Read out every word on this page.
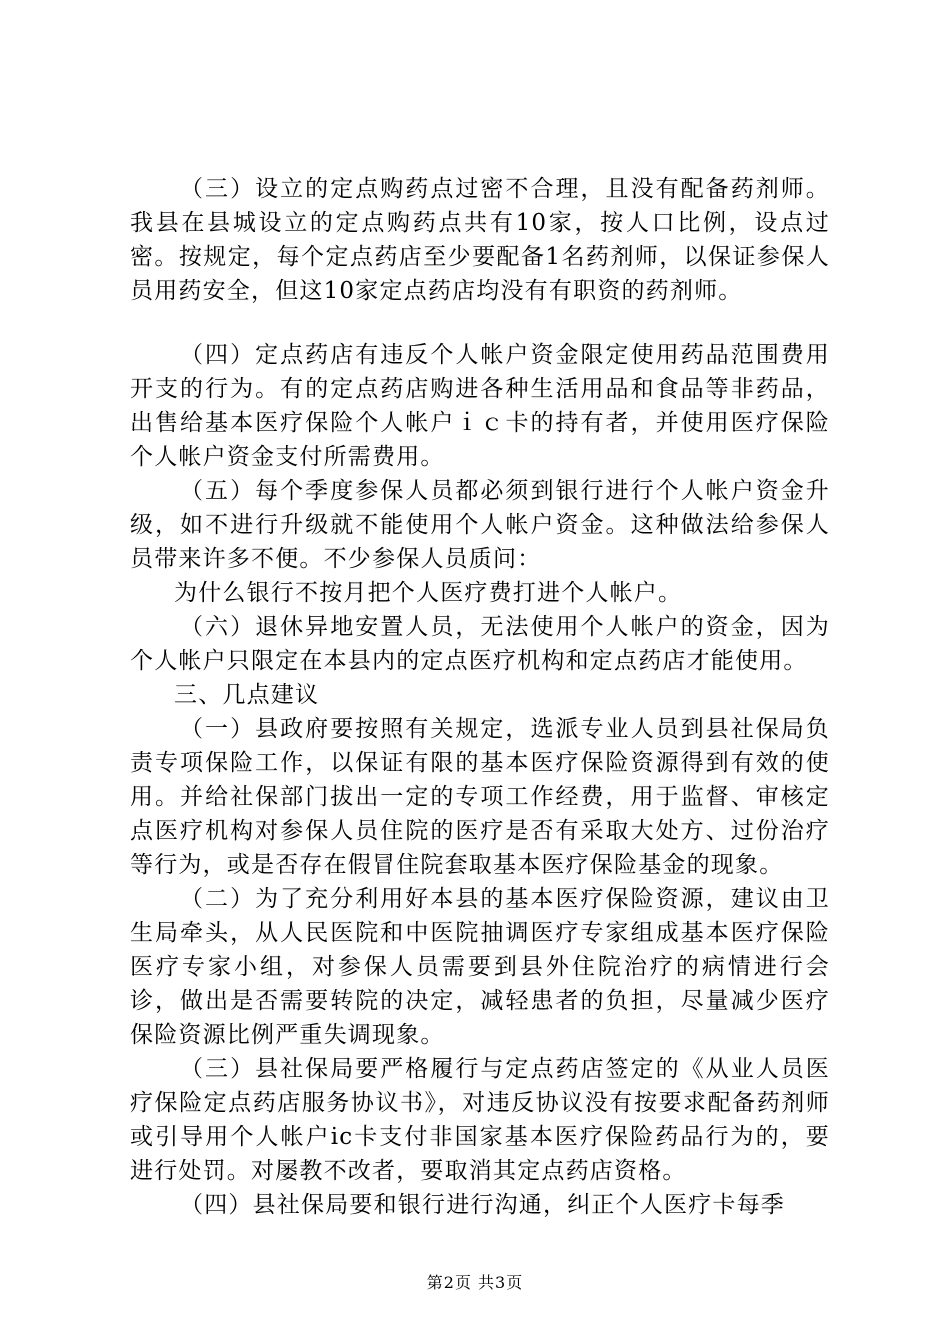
（三）设立的定点购药点过密不合理，且没有配备药剂师。我县在县城设立的定点购药点共有10家，按人口比例，设点过密。按规定，每个定点药店至少要配备1名药剂师，以保证参保人员用药安全，但这10家定点药店均没有有职资的药剂师。

（四）定点药店有违反个人帐户资金限定使用药品范围费用开支的行为。有的定点药店购进各种生活用品和食品等非药品，出售给基本医疗保险个人帐户ｉｃ卡的持有者，并使用医疗保险个人帐户资金支付所需费用。

（五）每个季度参保人员都必须到银行进行个人帐户资金升级，如不进行升级就不能使用个人帐户资金。这种做法给参保人员带来许多不便。不少参保人员质问：

为什么银行不按月把个人医疗费打进个人帐户。

（六）退休异地安置人员，无法使用个人帐户的资金，因为个人帐户只限定在本县内的定点医疗机构和定点药店才能使用。

三、几点建议

（一）县政府要按照有关规定，选派专业人员到县社保局负责专项保险工作，以保证有限的基本医疗保险资源得到有效的使用。并给社保部门拔出一定的专项工作经费，用于监督、审核定点医疗机构对参保人员住院的医疗是否有采取大处方、过份治疗等行为，或是否存在假冒住院套取基本医疗保险基金的现象。

（二）为了充分利用好本县的基本医疗保险资源，建议由卫生局牵头，从人民医院和中医院抽调医疗专家组成基本医疗保险医疗专家小组，对参保人员需要到县外住院治疗的病情进行会诊，做出是否需要转院的决定，减轻患者的负担，尽量减少医疗保险资源比例严重失调现象。

（三）县社保局要严格履行与定点药店签定的《从业人员医疗保险定点药店服务协议书》，对违反协议没有按要求配备药剂师或引导用个人帐户ic卡支付非国家基本医疗保险药品行为的，要进行处罚。对屡教不改者，要取消其定点药店资格。

（四）县社保局要和银行进行沟通，纠正个人医疗卡每季

第2页 共3页
